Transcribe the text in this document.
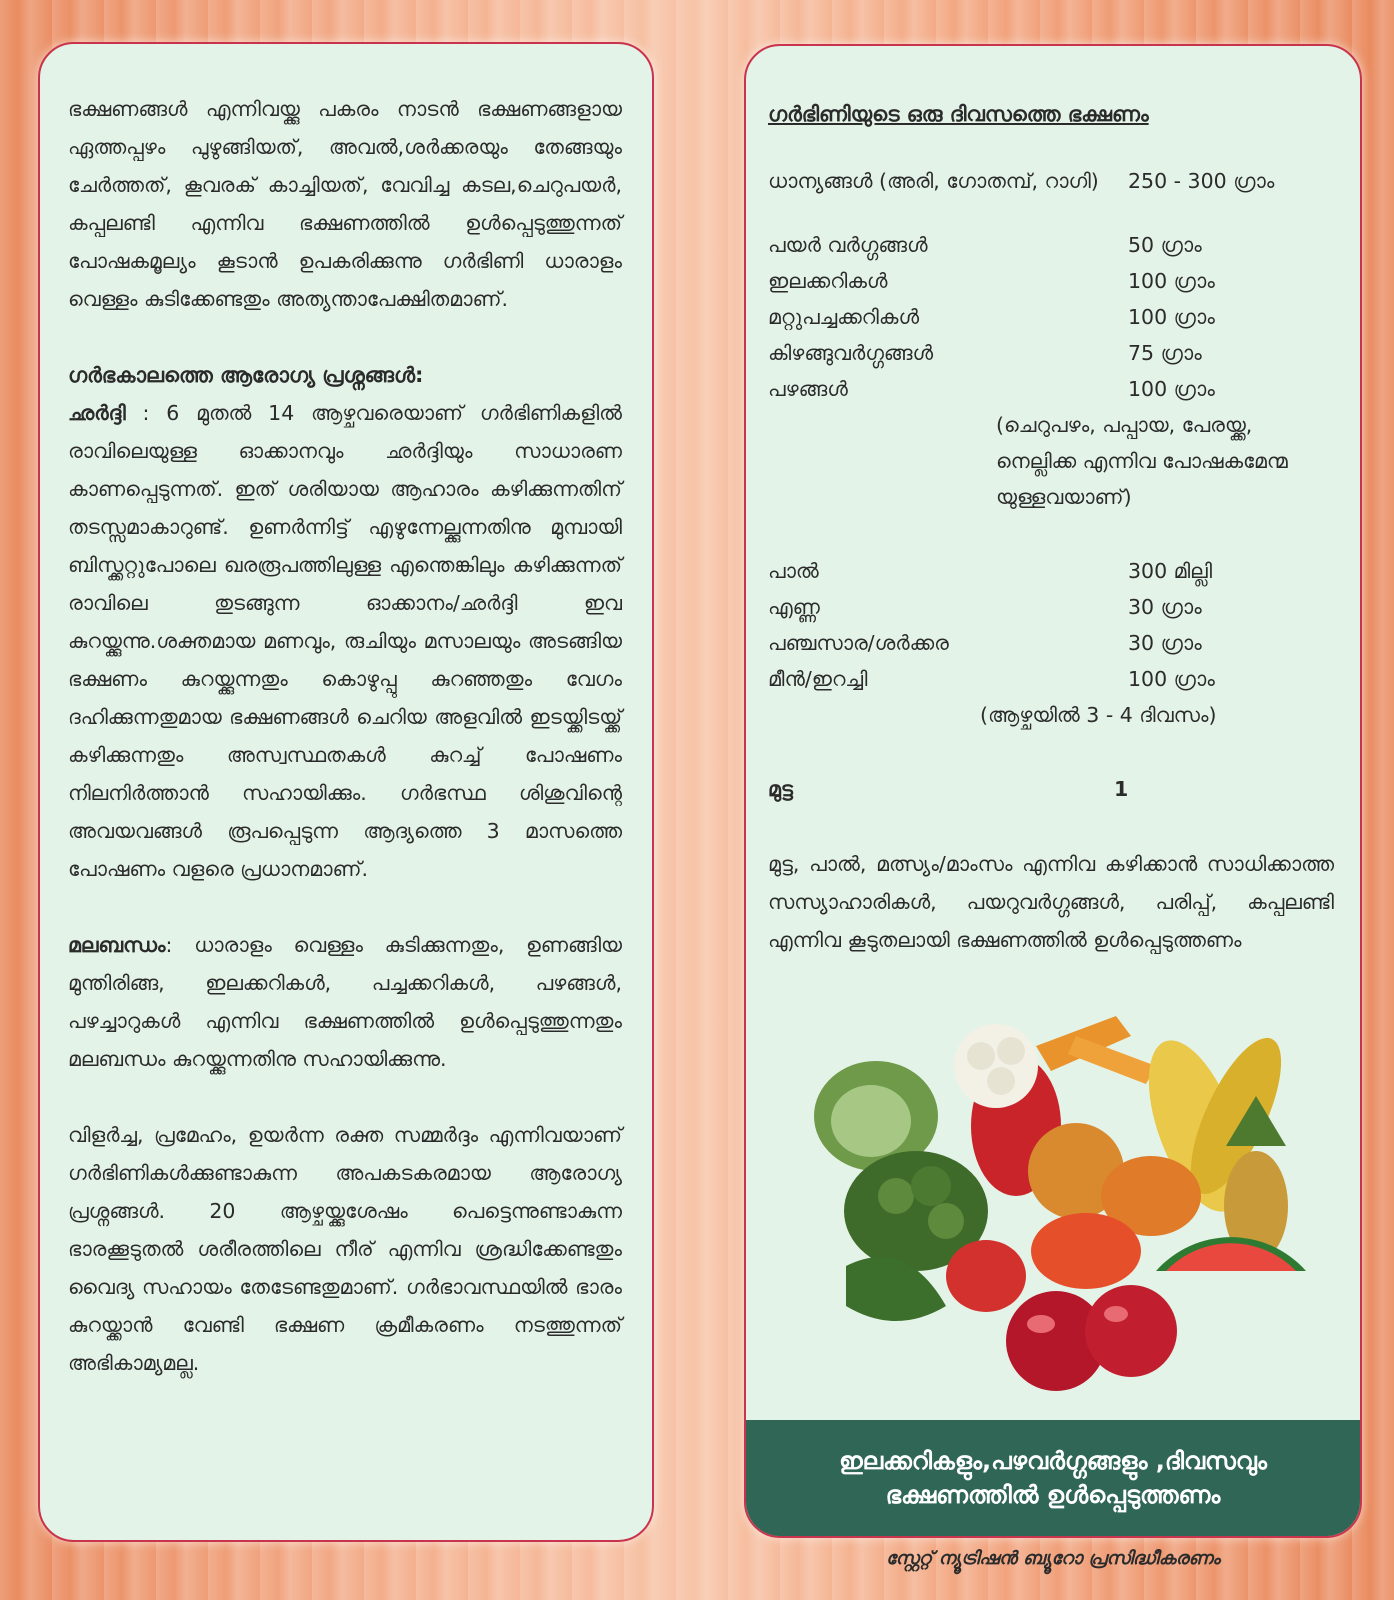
ഭക്ഷണങ്ങൾ എന്നിവയ്ക്കു പകരം നാടൻ ഭക്ഷണങ്ങളായ ഏത്തപ്പഴം പുഴുങ്ങിയത്, അവൽ,ശർക്കരയും തേങ്ങയും ചേർത്തത്, കൂവരക് കാച്ചിയത്, വേവിച്ച കടല,ചെറുപയർ, കപ്പലണ്ടി എന്നിവ ഭക്ഷണത്തിൽ ഉൾപ്പെടുത്തുന്നത് പോഷകമൂല്യം കൂടാൻ ഉപകരിക്കുന്നു ഗർഭിണി ധാരാളം വെള്ളം കുടിക്കേണ്ടതും അത്യന്താപേക്ഷിതമാണ്.

ഗർഭകാലത്തെ ആരോഗ്യ പ്രശ്നങ്ങൾ:

ഛർദ്ദി : 6 മുതൽ 14 ആഴ്ചവരെയാണ് ഗർഭിണികളിൽ രാവിലെയുള്ള ഓക്കാനവും ഛർദ്ദിയും സാധാരണ കാണപ്പെടുന്നത്. ഇത് ശരിയായ ആഹാരം കഴിക്കുന്നതിന് തടസ്സമാകാറുണ്ട്. ഉണർന്നിട്ട് എഴുന്നേല്ക്കുന്നതിനു മുമ്പായി ബിസ്ക്കറ്റുപോലെ ഖരരൂപത്തിലുള്ള എന്തെങ്കിലും കഴിക്കുന്നത് രാവിലെ തുടങ്ങുന്ന ഓക്കാനം/ഛർദ്ദി ഇവ കുറയ്ക്കുന്നു.ശക്തമായ മണവും, രുചിയും മസാലയും അടങ്ങിയ ഭക്ഷണം കുറയ്ക്കുന്നതും കൊഴുപ്പു കുറഞ്ഞതും വേഗം ദഹിക്കുന്നതുമായ ഭക്ഷണങ്ങൾ ചെറിയ അളവിൽ ഇടയ്ക്കിടയ്ക്ക് കഴിക്കുന്നതും അസ്വസ്ഥതകൾ കുറച്ച് പോഷണം നിലനിർത്താൻ സഹായിക്കും. ഗർഭസ്ഥ ശിശുവിന്റെ അവയവങ്ങൾ രൂപപ്പെടുന്ന ആദ്യത്തെ 3 മാസത്തെ പോഷണം വളരെ പ്രധാനമാണ്.

മലബന്ധം: ധാരാളം വെള്ളം കുടിക്കുന്നതും, ഉണങ്ങിയ മുന്തിരിങ്ങ, ഇലക്കറികൾ, പച്ചക്കറികൾ, പഴങ്ങൾ, പഴച്ചാറുകൾ എന്നിവ ഭക്ഷണത്തിൽ ഉൾപ്പെടുത്തുന്നതും മലബന്ധം കുറയ്ക്കുന്നതിനു സഹായിക്കുന്നു.

വിളർച്ച, പ്രമേഹം, ഉയർന്ന രക്ത സമ്മർദ്ദം എന്നിവയാണ് ഗർഭിണികൾക്കുണ്ടാകുന്ന അപകടകരമായ ആരോഗ്യ പ്രശ്നങ്ങൾ. 20 ആഴ്ചയ്ക്കുശേഷം പെട്ടെന്നുണ്ടാകുന്ന ഭാരക്കൂടുതൽ ശരീരത്തിലെ നീര് എന്നിവ ശ്രദ്ധിക്കേണ്ടതും വൈദ്യ സഹായം തേടേണ്ടതുമാണ്. ഗർഭാവസ്ഥയിൽ ഭാരം കുറയ്ക്കാൻ വേണ്ടി ഭക്ഷണ ക്രമീകരണം നടത്തുന്നത് അഭികാമ്യമല്ല.

ഗർഭിണിയുടെ ഒരു ദിവസത്തെ ഭക്ഷണം

ധാന്യങ്ങൾ (അരി, ഗോതമ്പ്, റാഗി)	250 - 300 ഗ്രാം
പയർ വർഗ്ഗങ്ങൾ	50 ഗ്രാം
ഇലക്കറികൾ	100 ഗ്രാം
മറ്റുപച്ചക്കറികൾ	100 ഗ്രാം
കിഴങ്ങുവർഗ്ഗങ്ങൾ	75 ഗ്രാം
പഴങ്ങൾ	100 ഗ്രാം
(ചെറുപഴം, പപ്പായ, പേരയ്ക്ക,
നെല്ലിക്ക എന്നിവ പോഷകമേന്മ
യുള്ളവയാണ്)
പാൽ	300 മില്ലി
എണ്ണ	30 ഗ്രാം
പഞ്ചസാര/ശർക്കര	30 ഗ്രാം
മീൻ/ഇറച്ചി	100 ഗ്രാം
(ആഴ്ചയിൽ 3 - 4 ദിവസം)
മുട്ട	1

മുട്ട, പാൽ, മത്സ്യം/മാംസം എന്നിവ കഴിക്കാൻ സാധിക്കാത്ത സസ്യാഹാരികൾ, പയറുവർഗ്ഗങ്ങൾ, പരിപ്പ്, കപ്പലണ്ടി എന്നിവ കൂടുതലായി ഭക്ഷണത്തിൽ ഉൾപ്പെടുത്തണം

ഇലക്കറികളും,പഴവർഗ്ഗങ്ങളും ,ദിവസവും
ഭക്ഷണത്തിൽ ഉൾപ്പെടുത്തണം
സ്റ്റേറ്റ് ന്യൂട്രിഷൻ ബ്യൂറോ പ്രസിദ്ധീകരണം
